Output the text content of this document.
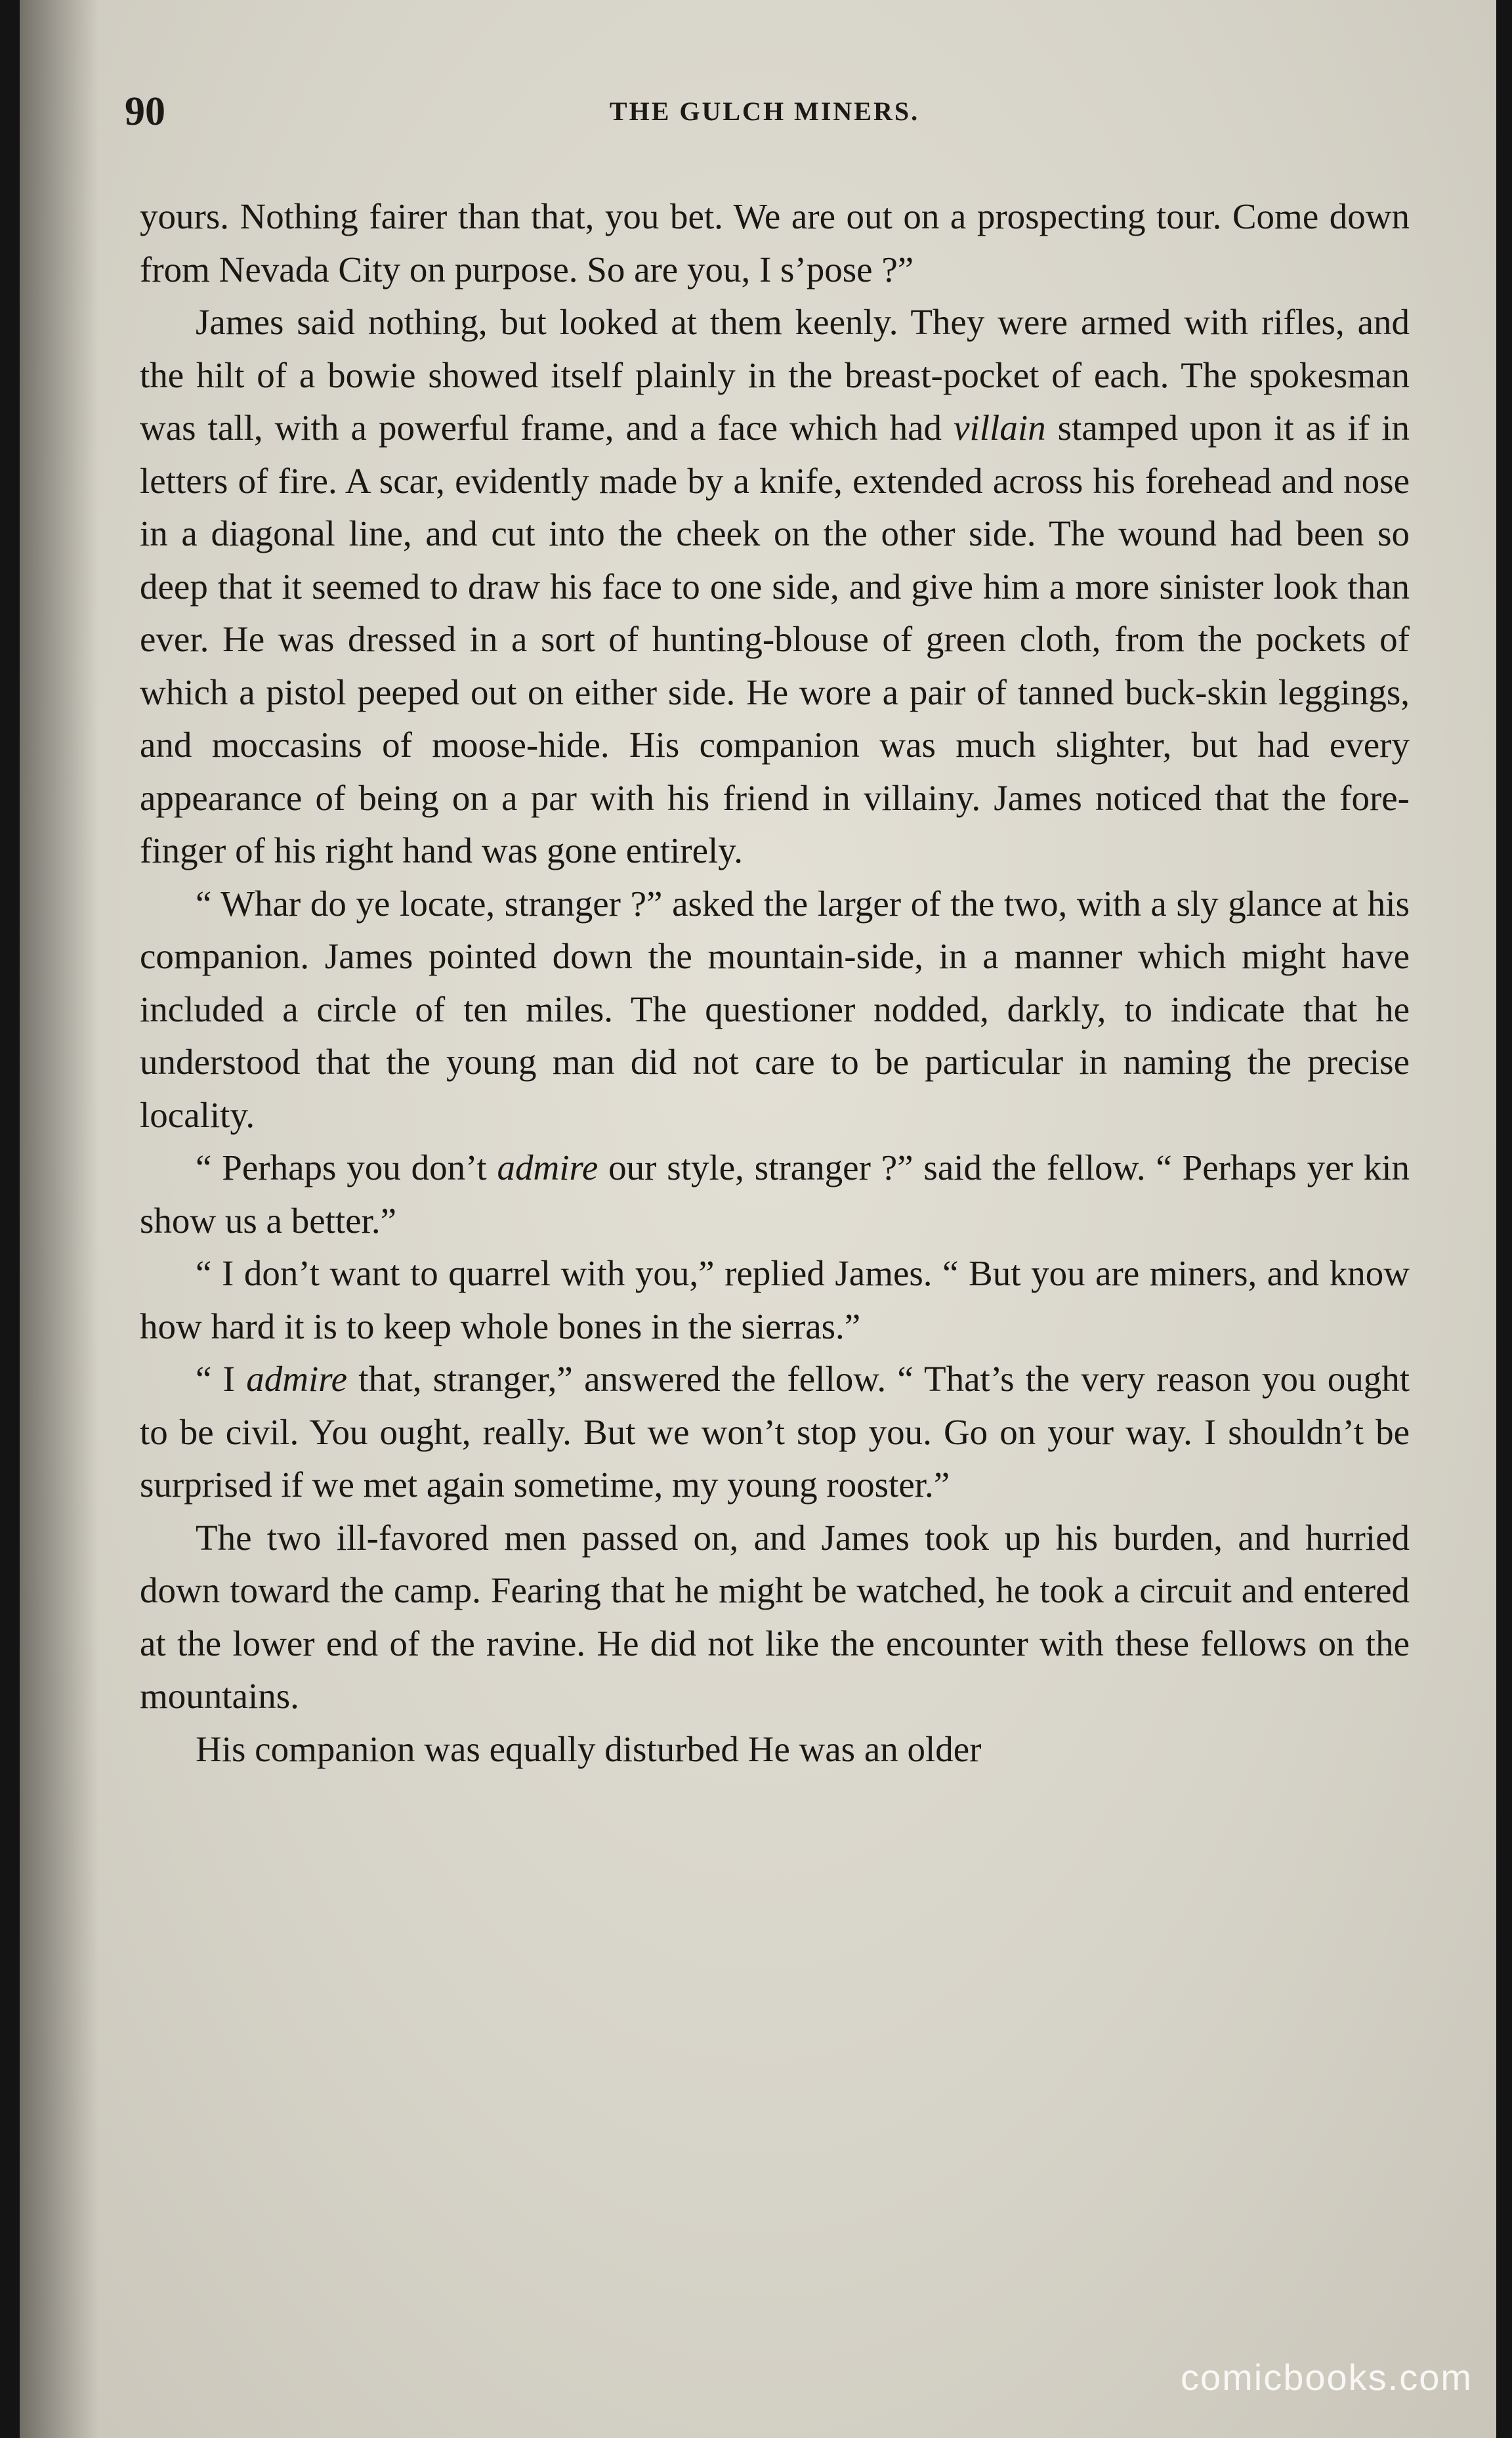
90	THE GULCH MINERS.

yours. Nothing fairer than that, you bet. We are out on a prospecting tour. Come down from Nevada City on purpose. So are you, I s’pose ?”

James said nothing, but looked at them keenly. They were armed with rifles, and the hilt of a bowie showed itself plainly in the breast-pocket of each. The spokesman was tall, with a powerful frame, and a face which had villain stamped upon it as if in letters of fire. A scar, evidently made by a knife, extended across his forehead and nose in a diagonal line, and cut into the cheek on the other side. The wound had been so deep that it seemed to draw his face to one side, and give him a more sinister look than ever. He was dressed in a sort of hunting-blouse of green cloth, from the pockets of which a pistol peeped out on either side. He wore a pair of tanned buck-skin leggings, and moccasins of moose-hide. His companion was much slighter, but had every appearance of being on a par with his friend in villainy. James noticed that the fore-finger of his right hand was gone entirely.

“ Whar do ye locate, stranger ?” asked the larger of the two, with a sly glance at his companion. James pointed down the mountain-side, in a manner which might have included a circle of ten miles. The questioner nodded, darkly, to indicate that he understood that the young man did not care to be particular in naming the precise locality.

“ Perhaps you don’t admire our style, stranger ?” said the fellow. “ Perhaps yer kin show us a better.”

“ I don’t want to quarrel with you,” replied James. “ But you are miners, and know how hard it is to keep whole bones in the sierras.”

“ I admire that, stranger,” answered the fellow. “ That’s the very reason you ought to be civil. You ought, really. But we won’t stop you. Go on your way. I shouldn’t be surprised if we met again sometime, my young rooster.”

The two ill-favored men passed on, and James took up his burden, and hurried down toward the camp. Fearing that he might be watched, he took a circuit and entered at the lower end of the ravine. He did not like the encounter with these fellows on the mountains.

His companion was equally disturbed He was an older

comicbooks.com
